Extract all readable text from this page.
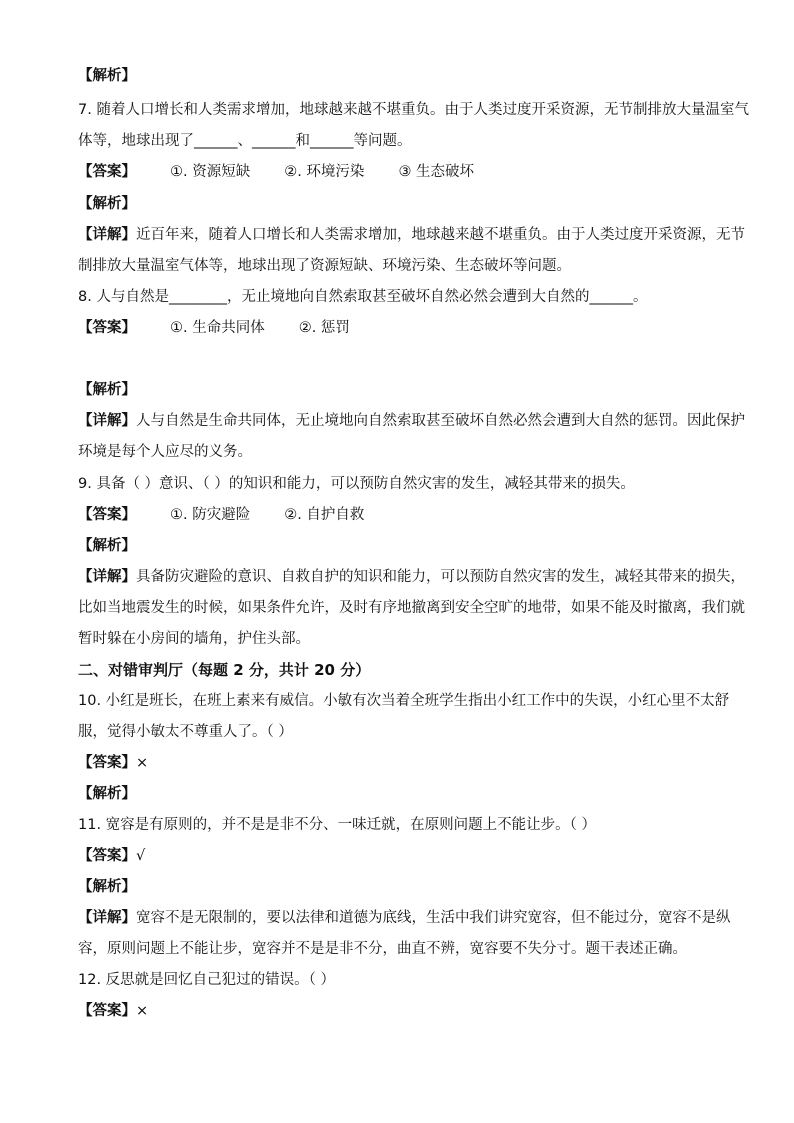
【解析】
7. 随着人口增长和人类需求增加，地球越来越不堪重负。由于人类过度开采资源，无节制排放大量温室气
体等，地球出现了______、______和______等问题。
【答案】 ①. 资源短缺 ②. 环境污染 ③ 生态破坏
【解析】
【详解】近百年来，随着人口增长和人类需求增加，地球越来越不堪重负。由于人类过度开采资源，无节
制排放大量温室气体等，地球出现了资源短缺、环境污染、生态破坏等问题。
8. 人与自然是________，无止境地向自然索取甚至破坏自然必然会遭到大自然的______。
【答案】 ①. 生命共同体 ②. 惩罚
【解析】
【详解】人与自然是生命共同体，无止境地向自然索取甚至破坏自然必然会遭到大自然的惩罚。因此保护
环境是每个人应尽的义务。
9. 具备（ ）意识、（ ）的知识和能力，可以预防自然灾害的发生，减轻其带来的损失。
【答案】 ①. 防灾避险 ②. 自护自救
【解析】
【详解】具备防灾避险的意识、自救自护的知识和能力，可以预防自然灾害的发生，减轻其带来的损失，
比如当地震发生的时候，如果条件允许，及时有序地撤离到安全空旷的地带，如果不能及时撤离，我们就
暂时躲在小房间的墙角，护住头部。
二、对错审判厅（每题 2 分，共计 20 分）
10. 小红是班长，在班上素来有威信。小敏有次当着全班学生指出小红工作中的失误，小红心里不太舒
服，觉得小敏太不尊重人了。（ ）
【答案】×
【解析】
11. 宽容是有原则的，并不是是非不分、一味迁就，在原则问题上不能让步。（ ）
【答案】√
【解析】
【详解】宽容不是无限制的，要以法律和道德为底线，生活中我们讲究宽容，但不能过分，宽容不是纵
容，原则问题上不能让步，宽容并不是是非不分，曲直不辨，宽容要不失分寸。题干表述正确。
12. 反思就是回忆自己犯过的错误。（ ）
【答案】×
